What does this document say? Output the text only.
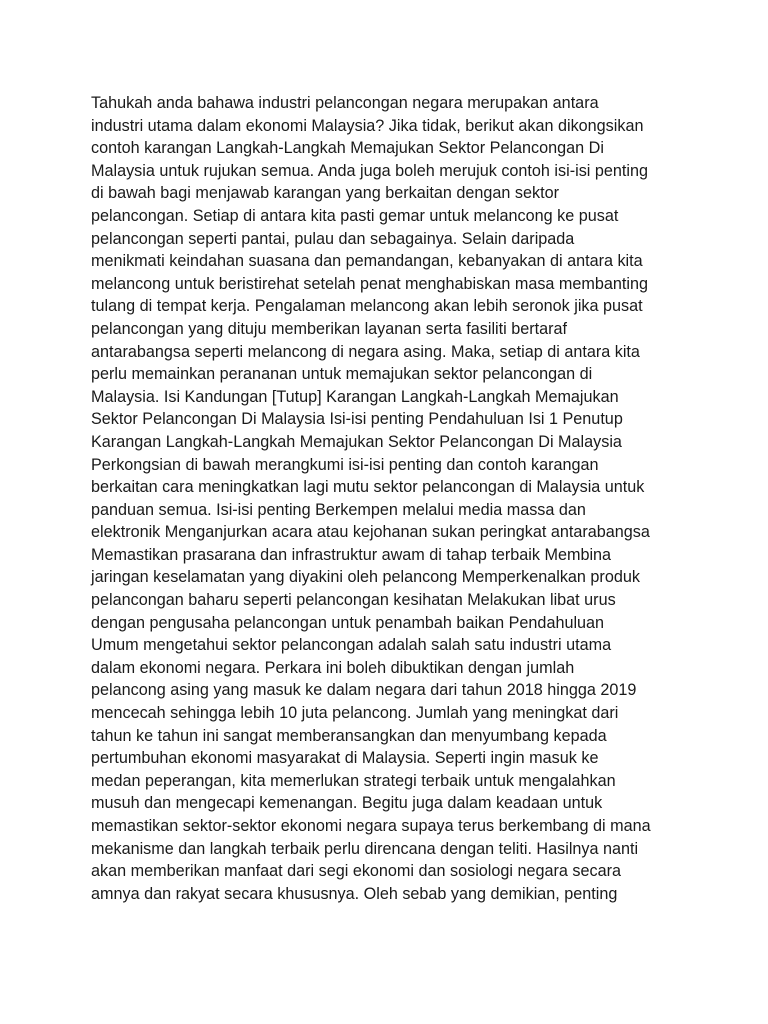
Tahukah anda bahawa industri pelancongan negara merupakan antara
industri utama dalam ekonomi Malaysia? Jika tidak, berikut akan dikongsikan
contoh karangan Langkah-Langkah Memajukan Sektor Pelancongan Di
Malaysia untuk rujukan semua. Anda juga boleh merujuk contoh isi-isi penting
di bawah bagi menjawab karangan yang berkaitan dengan sektor
pelancongan. Setiap di antara kita pasti gemar untuk melancong ke pusat
pelancongan seperti pantai, pulau dan sebagainya. Selain daripada
menikmati keindahan suasana dan pemandangan, kebanyakan di antara kita
melancong untuk beristirehat setelah penat menghabiskan masa membanting
tulang di tempat kerja. Pengalaman melancong akan lebih seronok jika pusat
pelancongan yang dituju memberikan layanan serta fasiliti bertaraf
antarabangsa seperti melancong di negara asing. Maka, setiap di antara kita
perlu memainkan perananan untuk memajukan sektor pelancongan di
Malaysia. Isi Kandungan [Tutup] Karangan Langkah-Langkah Memajukan
Sektor Pelancongan Di Malaysia Isi-isi penting Pendahuluan Isi 1 Penutup
Karangan Langkah-Langkah Memajukan Sektor Pelancongan Di Malaysia
Perkongsian di bawah merangkumi isi-isi penting dan contoh karangan
berkaitan cara meningkatkan lagi mutu sektor pelancongan di Malaysia untuk
panduan semua. Isi-isi penting Berkempen melalui media massa dan
elektronik Menganjurkan acara atau kejohanan sukan peringkat antarabangsa
Memastikan prasarana dan infrastruktur awam di tahap terbaik Membina
jaringan keselamatan yang diyakini oleh pelancong Memperkenalkan produk
pelancongan baharu seperti pelancongan kesihatan Melakukan libat urus
dengan pengusaha pelancongan untuk penambah baikan Pendahuluan
Umum mengetahui sektor pelancongan adalah salah satu industri utama
dalam ekonomi negara. Perkara ini boleh dibuktikan dengan jumlah
pelancong asing yang masuk ke dalam negara dari tahun 2018 hingga 2019
mencecah sehingga lebih 10 juta pelancong. Jumlah yang meningkat dari
tahun ke tahun ini sangat memberansangkan dan menyumbang kepada
pertumbuhan ekonomi masyarakat di Malaysia. Seperti ingin masuk ke
medan peperangan, kita memerlukan strategi terbaik untuk mengalahkan
musuh dan mengecapi kemenangan. Begitu juga dalam keadaan untuk
memastikan sektor-sektor ekonomi negara supaya terus berkembang di mana
mekanisme dan langkah terbaik perlu direncana dengan teliti. Hasilnya nanti
akan memberikan manfaat dari segi ekonomi dan sosiologi negara secara
amnya dan rakyat secara khususnya. Oleh sebab yang demikian, penting
